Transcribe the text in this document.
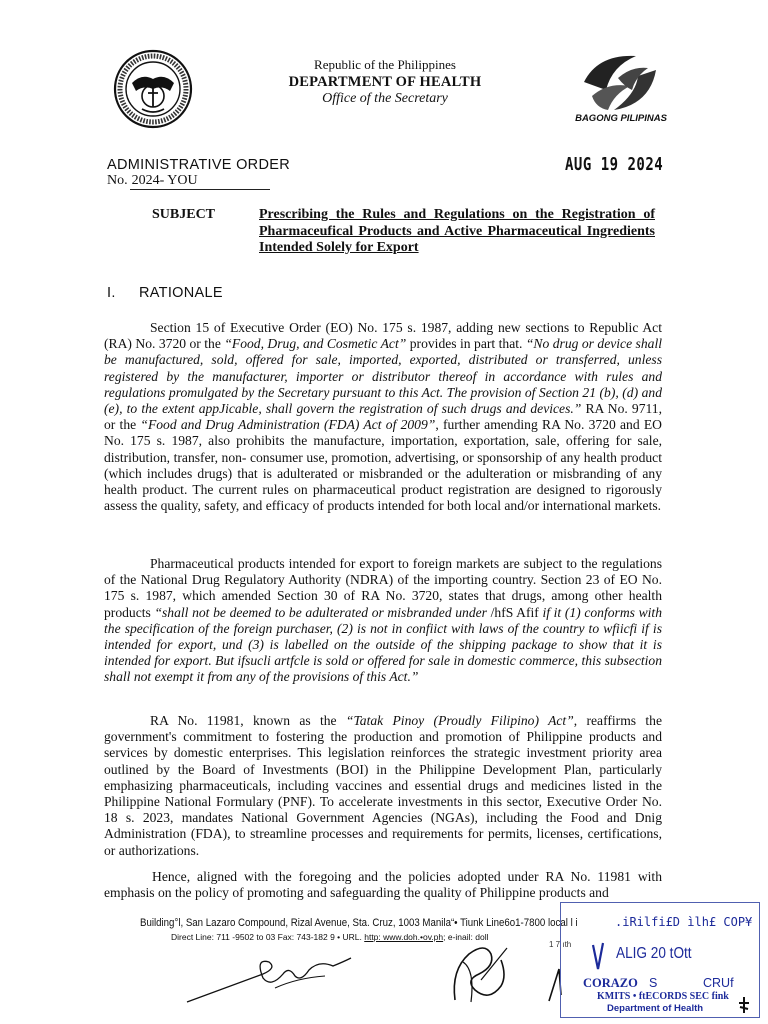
Republic of the Philippines
DEPARTMENT OF HEALTH
Office of the Secretary
BAGONG PILIPINAS
ADMINISTRATIVE ORDER	AUG 19 2024
No. 2024- YOU
SUBJECT	Prescribing the Rules and Regulations on the Registration of Pharmaceufical Products and Active Pharmaceutical Ingredients Intended Solely for Export
I. RATIONALE

Section 15 of Executive Order (EO) No. 175 s. 1987, adding new sections to Republic Act (RA) No. 3720 or the “Food, Drug, and Cosmetic Act” provides in part that. “No drug or device shall be manufactured, sold, offered for sale, imported, exported, distributed or transferred, unless registered by the manufacturer, importer or distributor thereof in accordance with rules and regulations promulgated by the Secretary pursuant to this Act. The provision of Section 21 (b), (d) and (e), to the extent appJicable, shall govern the registration of such drugs and devices.” RA No. 9711, or the “Food and Drug Administration (FDA) Act of 2009”, further amending RA No. 3720 and EO No. 175 s. 1987, also prohibits the manufacture, importation, exportation, sale, offering for sale, distribution, transfer, non- consumer use, promotion, advertising, or sponsorship of any health product (which includes drugs) that is adulterated or misbranded or the adulteration or misbranding of any health product. The current rules on pharmaceutical product registration are designed to rigorously assess the quality, safety, and efficacy of products intended for both local and/or international markets.

Pharmaceutical products intended for export to foreign markets are subject to the regulations of the National Drug Regulatory Authority (NDRA) of the importing country. Section 23 of EO No. 175 s. 1987, which amended Section 30 of RA No. 3720, states that drugs, among other health products “shall not be deemed to be adulterated or misbranded under /hfS Afif if it (1) conforms with the specification of the foreign purchaser, (2) is not in confiict with laws of the country to wfiicfi if is intended for export, und (3) is labelled on the outside of the shipping package to show that it is intended for export. But ifsucli artfcle is sold or offered for sale in domestic commerce, this subsection shall not exempt it from any of the provisions of this Act.”

RA No. 11981, known as the “Tatak Pinoy (Proudly Filipino) Act”, reaffirms the government's commitment to fostering the production and promotion of Philippine products and services by domestic enterprises. This legislation reinforces the strategic investment priority area outlined by the Board of Investments (BOI) in the Philippine Development Plan, particularly emphasizing pharmaceuticals, including vaccines and essential drugs and medicines listed in the Philippine National Formulary (PNF). To accelerate investments in this sector, Executive Order No. 18 s. 2023, mandates National Government Agencies (NGAs), including the Food and Dnig Administration (FDA), to streamline processes and requirements for permits, licenses, certifications, or authorizations.

Hence, aligned with the foregoing and the policies adopted under RA No. 11981 with emphasis on the policy of promoting and safeguarding the quality of Philippine products and

Building°l, San Lazaro Compound, Rizal Avenue, Sta. Cruz, 1003 Manila“• Tiunk Line6o1-7800 local l i
Direct Line: 711 -9502 to 03 Fax: 743-182 9 • URL. http: www.doh.•ov.ph; e-inail: doll
1 7 ıth
.iRilfi£D ìlh£ COP¥
ALIG 20 tOtt
CORAZO S	CRUf
KMITS • ftECORDS SEC fink
Department of Health
